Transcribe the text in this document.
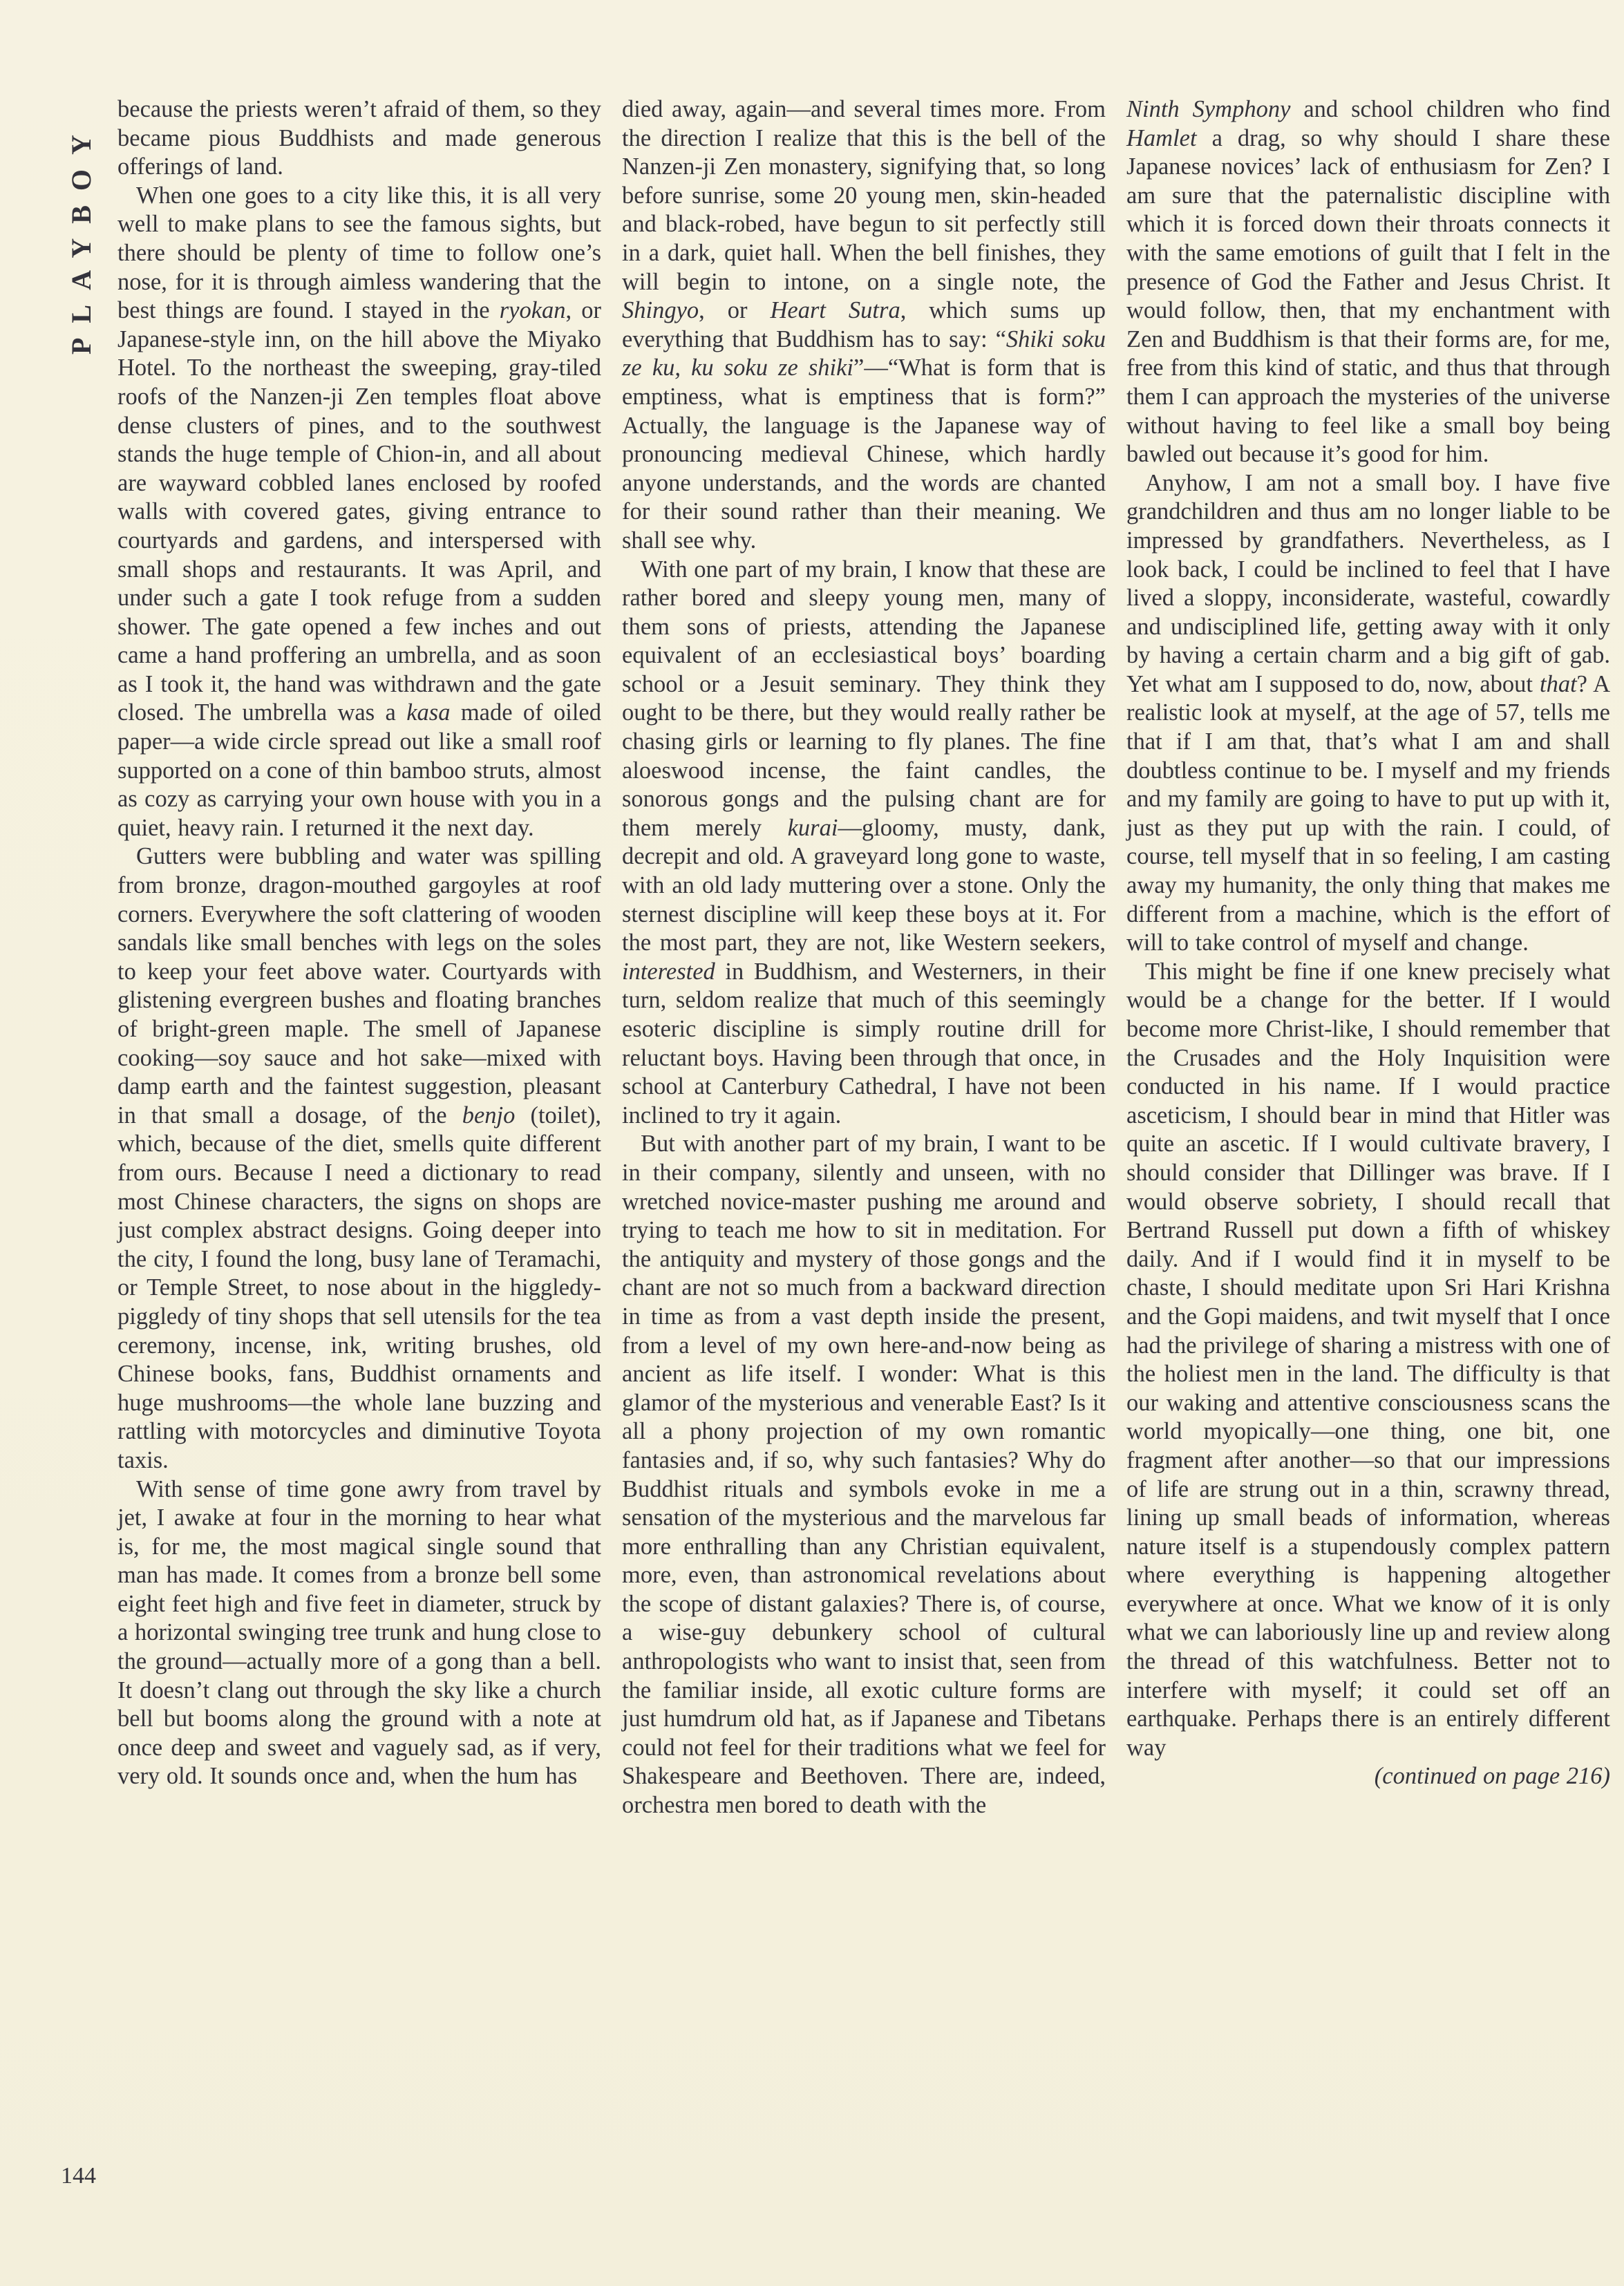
PLAYBOY
144

because the priests weren’t afraid of them, so they became pious Buddhists and made generous offerings of land.

When one goes to a city like this, it is all very well to make plans to see the famous sights, but there should be plenty of time to follow one’s nose, for it is through aimless wandering that the best things are found. I stayed in the ryokan, or Japanese-style inn, on the hill above the Miyako Hotel. To the northeast the sweeping, gray-tiled roofs of the Nanzen-ji Zen temples float above dense clusters of pines, and to the southwest stands the huge temple of Chion-in, and all about are wayward cobbled lanes enclosed by roofed walls with covered gates, giving entrance to courtyards and gardens, and interspersed with small shops and restaurants. It was April, and under such a gate I took refuge from a sudden shower. The gate opened a few inches and out came a hand proffering an umbrella, and as soon as I took it, the hand was withdrawn and the gate closed. The umbrella was a kasa made of oiled paper—a wide circle spread out like a small roof supported on a cone of thin bamboo struts, almost as cozy as carrying your own house with you in a quiet, heavy rain. I returned it the next day.

Gutters were bubbling and water was spilling from bronze, dragon-mouthed gargoyles at roof corners. Everywhere the soft clattering of wooden sandals like small benches with legs on the soles to keep your feet above water. Courtyards with glistening evergreen bushes and floating branches of bright-green maple. The smell of Japanese cooking—soy sauce and hot sake—mixed with damp earth and the faintest suggestion, pleasant in that small a dosage, of the benjo (toilet), which, because of the diet, smells quite different from ours. Because I need a dictionary to read most Chinese characters, the signs on shops are just complex abstract designs. Going deeper into the city, I found the long, busy lane of Teramachi, or Temple Street, to nose about in the higgledy-piggledy of tiny shops that sell utensils for the tea ceremony, incense, ink, writing brushes, old Chinese books, fans, Buddhist ornaments and huge mushrooms—the whole lane buzzing and rattling with motorcycles and diminutive Toyota taxis.

With sense of time gone awry from travel by jet, I awake at four in the morning to hear what is, for me, the most magical single sound that man has made. It comes from a bronze bell some eight feet high and five feet in diameter, struck by a horizontal swinging tree trunk and hung close to the ground—actually more of a gong than a bell. It doesn’t clang out through the sky like a church bell but booms along the ground with a note at once deep and sweet and vaguely sad, as if very, very old. It sounds once and, when the hum has

died away, again—and several times more. From the direction I realize that this is the bell of the Nanzen-ji Zen monastery, signifying that, so long before sunrise, some 20 young men, skin-headed and black-robed, have begun to sit perfectly still in a dark, quiet hall. When the bell finishes, they will begin to intone, on a single note, the Shingyo, or Heart Sutra, which sums up everything that Buddhism has to say: “Shiki soku ze ku, ku soku ze shiki”—“What is form that is emptiness, what is emptiness that is form?” Actually, the language is the Japanese way of pronouncing medieval Chinese, which hardly anyone understands, and the words are chanted for their sound rather than their meaning. We shall see why.

With one part of my brain, I know that these are rather bored and sleepy young men, many of them sons of priests, attending the Japanese equivalent of an ecclesiastical boys’ boarding school or a Jesuit seminary. They think they ought to be there, but they would really rather be chasing girls or learning to fly planes. The fine aloeswood incense, the faint candles, the sonorous gongs and the pulsing chant are for them merely kurai—gloomy, musty, dank, decrepit and old. A graveyard long gone to waste, with an old lady muttering over a stone. Only the sternest discipline will keep these boys at it. For the most part, they are not, like Western seekers, interested in Buddhism, and Westerners, in their turn, seldom realize that much of this seemingly esoteric discipline is simply routine drill for reluctant boys. Having been through that once, in school at Canterbury Cathedral, I have not been inclined to try it again.

But with another part of my brain, I want to be in their company, silently and unseen, with no wretched novice-master pushing me around and trying to teach me how to sit in meditation. For the antiquity and mystery of those gongs and the chant are not so much from a backward direction in time as from a vast depth inside the present, from a level of my own here-and-now being as ancient as life itself. I wonder: What is this glamor of the mysterious and venerable East? Is it all a phony projection of my own romantic fantasies and, if so, why such fantasies? Why do Buddhist rituals and symbols evoke in me a sensation of the mysterious and the marvelous far more enthralling than any Christian equivalent, more, even, than astronomical revelations about the scope of distant galaxies? There is, of course, a wise-guy debunkery school of cultural anthropologists who want to insist that, seen from the familiar inside, all exotic culture forms are just humdrum old hat, as if Japanese and Tibetans could not feel for their traditions what we feel for Shakespeare and Beethoven. There are, indeed, orchestra men bored to death with the

Ninth Symphony and school children who find Hamlet a drag, so why should I share these Japanese novices’ lack of enthusiasm for Zen? I am sure that the paternalistic discipline with which it is forced down their throats connects it with the same emotions of guilt that I felt in the presence of God the Father and Jesus Christ. It would follow, then, that my enchantment with Zen and Buddhism is that their forms are, for me, free from this kind of static, and thus that through them I can approach the mysteries of the universe without having to feel like a small boy being bawled out because it’s good for him.

Anyhow, I am not a small boy. I have five grandchildren and thus am no longer liable to be impressed by grandfathers. Nevertheless, as I look back, I could be inclined to feel that I have lived a sloppy, inconsiderate, wasteful, cowardly and undisciplined life, getting away with it only by having a certain charm and a big gift of gab. Yet what am I supposed to do, now, about that? A realistic look at myself, at the age of 57, tells me that if I am that, that’s what I am and shall doubtless continue to be. I myself and my friends and my family are going to have to put up with it, just as they put up with the rain. I could, of course, tell myself that in so feeling, I am casting away my humanity, the only thing that makes me different from a machine, which is the effort of will to take control of myself and change.

This might be fine if one knew precisely what would be a change for the better. If I would become more Christ-like, I should remember that the Crusades and the Holy Inquisition were conducted in his name. If I would practice asceticism, I should bear in mind that Hitler was quite an ascetic. If I would cultivate bravery, I should consider that Dillinger was brave. If I would observe sobriety, I should recall that Bertrand Russell put down a fifth of whiskey daily. And if I would find it in myself to be chaste, I should meditate upon Sri Hari Krishna and the Gopi maidens, and twit myself that I once had the privilege of sharing a mistress with one of the holiest men in the land. The difficulty is that our waking and attentive consciousness scans the world myopically—one thing, one bit, one fragment after another—so that our impressions of life are strung out in a thin, scrawny thread, lining up small beads of information, whereas nature itself is a stupendously complex pattern where everything is happening altogether everywhere at once. What we know of it is only what we can laboriously line up and review along the thread of this watchfulness. Better not to interfere with myself; it could set off an earthquake. Perhaps there is an entirely different way

(continued on page 216)
